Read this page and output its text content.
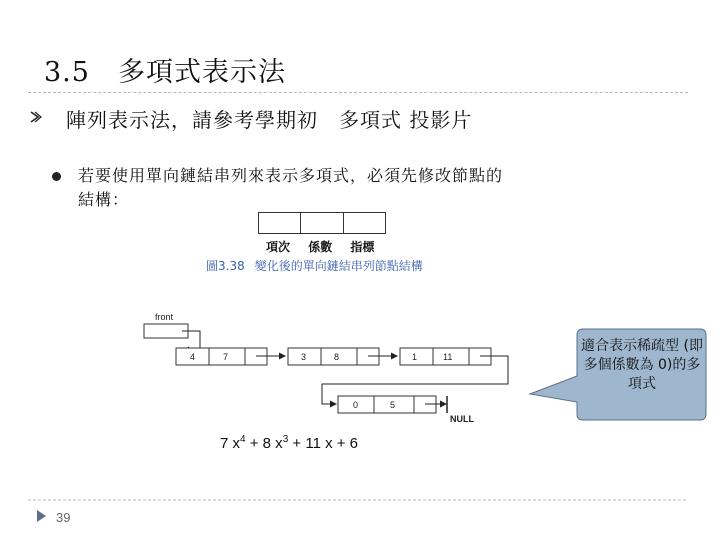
3.5　多項式表示法
陣列表示法，請參考學期初　多項式 投影片
若要使用單向鏈結串列來表示多項式，必須先修改節點的
結構：
項次 係數 指標
圖3.38 變化後的單向鏈結串列節點結構
front
4	7	3	8	1	11
0	5
NULL
7 $x^4 + 8$ $x^3 + 11$ x + 6
適合表示稀疏型 (即多個係數為 0)的多項式
39
